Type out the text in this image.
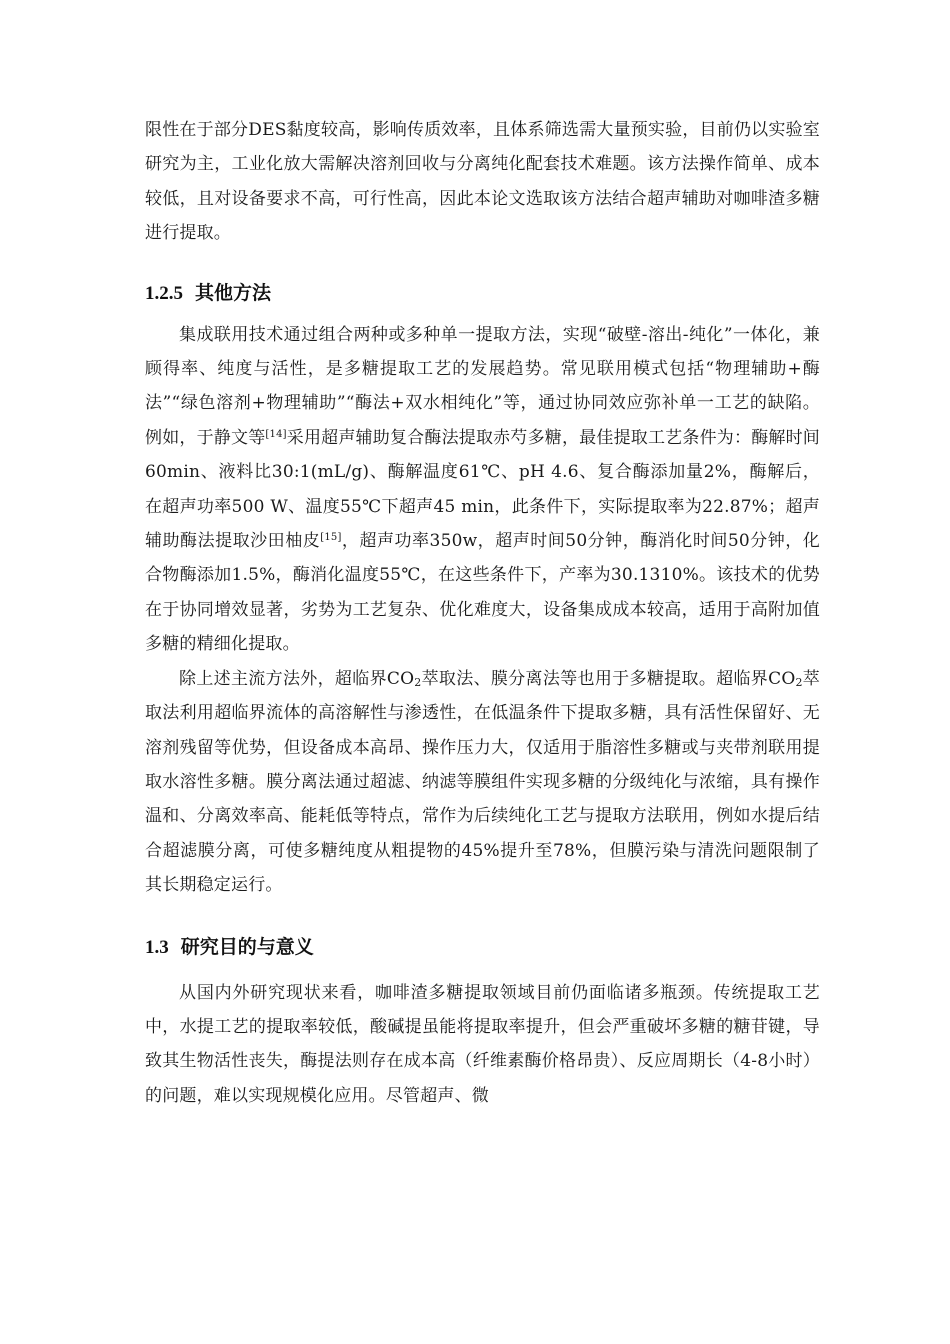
限性在于部分DES黏度较高，影响传质效率，且体系筛选需大量预实验，目前仍以实验室研究为主，工业化放大需解决溶剂回收与分离纯化配套技术难题。该方法操作简单、成本较低，且对设备要求不高，可行性高，因此本论文选取该方法结合超声辅助对咖啡渣多糖进行提取。

1.2.5 其他方法

集成联用技术通过组合两种或多种单一提取方法，实现“破壁-溶出-纯化”一体化，兼顾得率、纯度与活性，是多糖提取工艺的发展趋势。常见联用模式包括“物理辅助+酶法”“绿色溶剂+物理辅助”“酶法+双水相纯化”等，通过协同效应弥补单一工艺的缺陷。例如，于静文等[14]采用超声辅助复合酶法提取赤芍多糖，最佳提取工艺条件为：酶解时间60min、液料比30:1(mL/g)、酶解温度61℃、pH 4.6、复合酶添加量2%，酶解后，在超声功率500 W、温度55℃下超声45 min，此条件下，实际提取率为22.87%；超声辅助酶法提取沙田柚皮[15]，超声功率350w，超声时间50分钟，酶消化时间50分钟，化合物酶添加1.5%，酶消化温度55℃，在这些条件下，产率为30.1310%。该技术的优势在于协同增效显著，劣势为工艺复杂、优化难度大，设备集成成本较高，适用于高附加值多糖的精细化提取。

除上述主流方法外，超临界$CO_2$萃取法、膜分离法等也用于多糖提取。超临界$CO_2$萃取法利用超临界流体的高溶解性与渗透性，在低温条件下提取多糖，具有活性保留好、无溶剂残留等优势，但设备成本高昂、操作压力大，仅适用于脂溶性多糖或与夹带剂联用提取水溶性多糖。膜分离法通过超滤、纳滤等膜组件实现多糖的分级纯化与浓缩，具有操作温和、分离效率高、能耗低等特点，常作为后续纯化工艺与提取方法联用，例如水提后结合超滤膜分离，可使多糖纯度从粗提物的45%提升至78%，但膜污染与清洗问题限制了其长期稳定运行。

1.3 研究目的与意义

从国内外研究现状来看，咖啡渣多糖提取领域目前仍面临诸多瓶颈。传统提取工艺中，水提工艺的提取率较低，酸碱提虽能将提取率提升，但会严重破坏多糖的糖苷键，导致其生物活性丧失，酶提法则存在成本高（纤维素酶价格昂贵）、反应周期长（4-8小时）的问题，难以实现规模化应用。尽管超声、微
